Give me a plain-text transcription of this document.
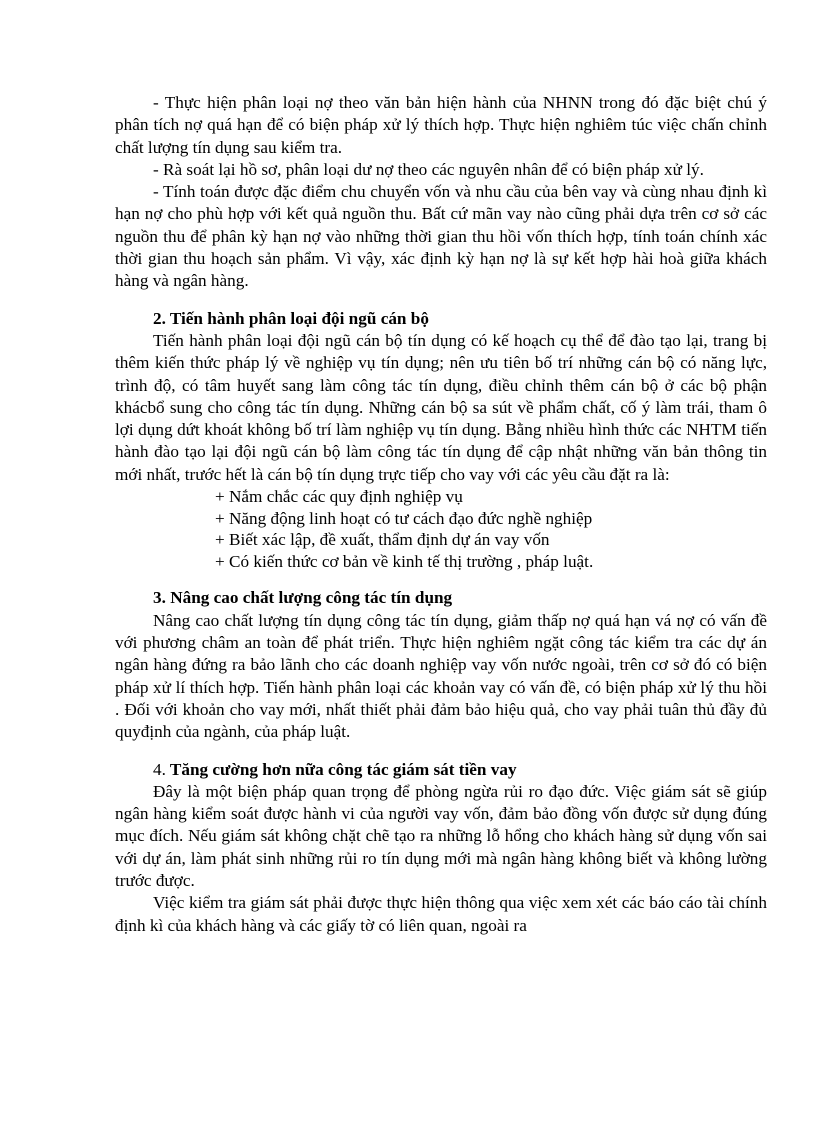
- Thực hiện phân loại nợ theo văn bản hiện hành của NHNN trong đó đặc biệt chú ý phân tích nợ quá hạn để có biện pháp xử lý thích hợp. Thực hiện nghiêm túc việc chấn chỉnh chất lượng tín dụng sau kiểm tra.

- Rà soát lại hồ sơ, phân loại dư nợ theo các nguyên nhân để có biện pháp xử lý.

- Tính toán được đặc điểm chu chuyển vốn và nhu cầu của bên vay và cùng nhau định kì hạn nợ cho phù hợp với kết quả nguồn thu. Bất cứ mãn vay nào cũng phải dựa trên cơ sở các nguồn thu để phân kỳ hạn nợ vào những thời gian thu hồi vốn thích hợp, tính toán chính xác thời gian thu hoạch sản phẩm. Vì vậy, xác định kỳ hạn nợ là sự kết hợp hài hoà giữa khách hàng và ngân hàng.

2. Tiến hành phân loại đội ngũ cán bộ

Tiến hành phân loại đội ngũ cán bộ tín dụng có kế hoạch cụ thể để đào tạo lại, trang bị thêm kiến thức pháp lý về nghiệp vụ tín dụng; nên ưu tiên bố trí những cán bộ có năng lực, trình độ, có tâm huyết sang làm công tác tín dụng, điều chỉnh thêm cán bộ ở các bộ phận khácbổ sung cho công tác tín dụng. Những cán bộ sa sút về phẩm chất, cố ý làm trái, tham ô lợi dụng dứt khoát không bố trí làm nghiệp vụ tín dụng. Bằng nhiều hình thức các NHTM tiến hành đào tạo lại đội ngũ cán bộ làm công tác tín dụng để cập nhật những văn bản thông tin mới nhất, trước hết là cán bộ tín dụng trực tiếp cho vay với các yêu cầu đặt ra là:

+ Nắm chắc các quy định nghiệp vụ
+ Năng động linh hoạt có tư cách đạo đức nghề nghiệp
+ Biết xác lập, đề xuất, thẩm định dự án vay vốn
+ Có kiến thức cơ bản về kinh tế thị trường , pháp luật.
3. Nâng cao chất lượng công tác tín dụng

Nâng cao chất lượng tín dụng công tác tín dụng, giảm thấp nợ quá hạn vá nợ có vấn đề với phương châm an toàn để phát triển. Thực hiện nghiêm ngặt công tác kiểm tra các dự án ngân hàng đứng ra bảo lãnh cho các doanh nghiệp vay vốn nước ngoài, trên cơ sở đó có biện pháp xử lí thích hợp. Tiến hành phân loại các khoản vay có vấn đề, có biện pháp xử lý thu hồi . Đối với khoản cho vay mới, nhất thiết phải đảm bảo hiệu quả, cho vay phải tuân thủ đầy đủ quyđịnh của ngành, của pháp luật.

4. Tăng cường hơn nữa công tác giám sát tiền vay

Đây là một biện pháp quan trọng để phòng ngừa rủi ro đạo đức. Việc giám sát sẽ giúp ngân hàng kiểm soát được hành vi của người vay vốn, đảm bảo đồng vốn được sử dụng đúng mục đích. Nếu giám sát không chặt chẽ tạo ra những lỗ hổng cho khách hàng sử dụng vốn sai với dự án, làm phát sinh những rủi ro tín dụng mới mà ngân hàng không biết và không lường trước được.

Việc kiểm tra giám sát phải được thực hiện thông qua việc xem xét các báo cáo tài chính định kì của khách hàng và các giấy tờ có liên quan, ngoài ra
